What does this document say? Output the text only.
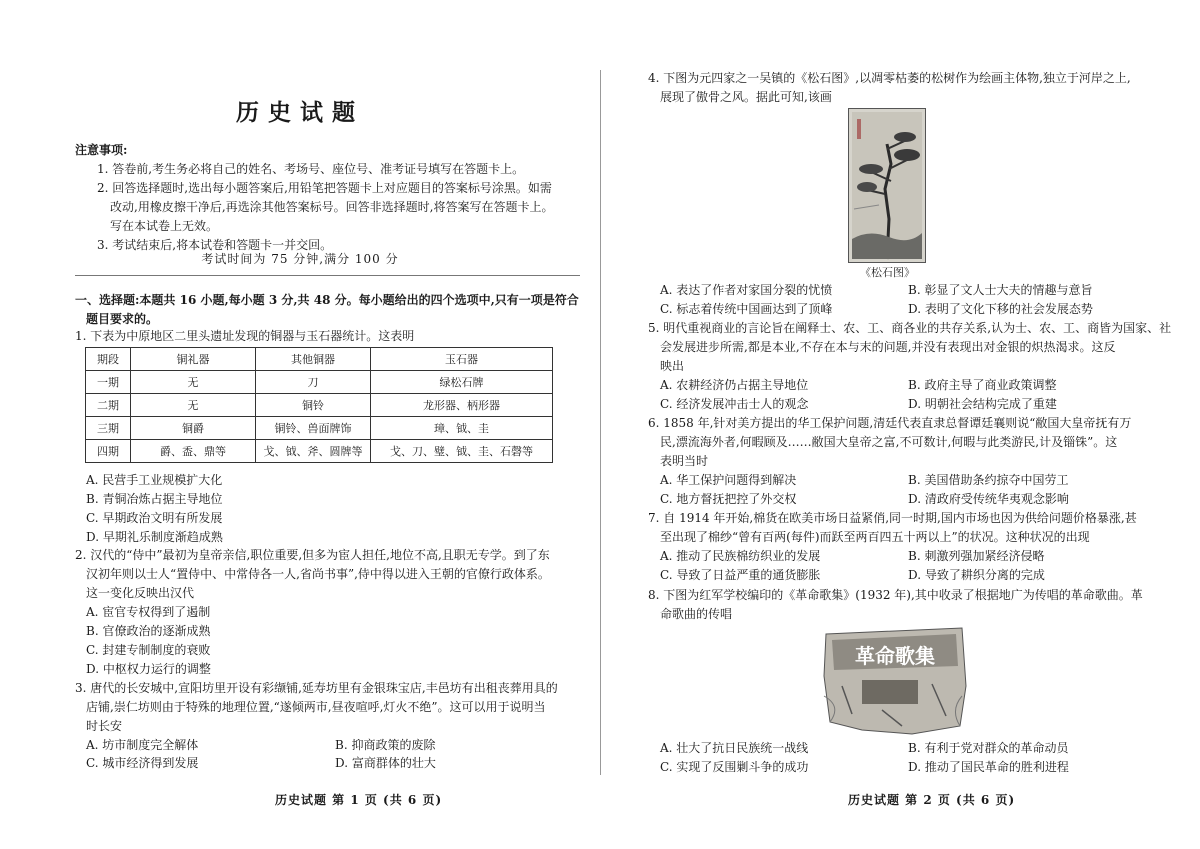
历史试题
注意事项:
1. 答卷前,考生务必将自己的姓名、考场号、座位号、准考证号填写在答题卡上。
2. 回答选择题时,选出每小题答案后,用铅笔把答题卡上对应题目的答案标号涂黑。如需
改动,用橡皮擦干净后,再选涂其他答案标号。回答非选择题时,将答案写在答题卡上。
写在本试卷上无效。
3. 考试结束后,将本试卷和答题卡一并交回。
考试时间为 75 分钟,满分 100 分
一、选择题:本题共 16 小题,每小题 3 分,共 48 分。每小题给出的四个选项中,只有一项是符合
题目要求的。
1. 下表为中原地区二里头遗址发现的铜器与玉石器统计。这表明
期段	铜礼器	其他铜器	玉石器
一期	无	刀	绿松石牌
二期	无	铜铃	龙形器、柄形器
三期	铜爵	铜铃、兽面牌饰	璋、钺、圭
四期	爵、盉、鼎等	戈、钺、斧、圆牌等	戈、刀、璧、钺、圭、石磬等
A. 民营手工业规模扩大化
B. 青铜冶炼占据主导地位
C. 早期政治文明有所发展
D. 早期礼乐制度渐趋成熟
2. 汉代的“侍中”最初为皇帝亲信,职位重要,但多为宦人担任,地位不高,且职无专学。到了东
汉初年则以士人“置侍中、中常侍各一人,省尚书事”,侍中得以进入王朝的官僚行政体系。
这一变化反映出汉代
A. 宦官专权得到了遏制
B. 官僚政治的逐渐成熟
C. 封建专制制度的衰败
D. 中枢权力运行的调整
3. 唐代的长安城中,宣阳坊里开设有彩缬铺,延寿坊里有金银珠宝店,丰邑坊有出租丧葬用具的
店铺,崇仁坊则由于特殊的地理位置,“遂倾两市,昼夜喧呼,灯火不绝”。这可以用于说明当
时长安
A. 坊市制度完全解体	B. 抑商政策的废除
C. 城市经济得到发展	D. 富商群体的壮大
历史试题 第 1 页 (共 6 页)
4. 下图为元四家之一吴镇的《松石图》,以凋零枯萎的松树作为绘画主体物,独立于河岸之上,
展现了傲骨之风。据此可知,该画
《松石图》
A. 表达了作者对家国分裂的忧愤	B. 彰显了文人士大夫的情趣与意旨
C. 标志着传统中国画达到了顶峰	D. 表明了文化下移的社会发展态势
5. 明代重视商业的言论旨在阐释士、农、工、商各业的共存关系,认为士、农、工、商皆为国家、社
会发展进步所需,都是本业,不存在本与末的问题,并没有表现出对金银的炽热渴求。这反
映出
A. 农耕经济仍占据主导地位	B. 政府主导了商业政策调整
C. 经济发展冲击士人的观念	D. 明朝社会结构完成了重建
6. 1858 年,针对美方提出的华工保护问题,清廷代表直隶总督谭廷襄则说“敝国大皇帝抚有万
民,漂流海外者,何暇顾及……敝国大皇帝之富,不可数计,何暇与此类游民,计及锱铢”。这
表明当时
A. 华工保护问题得到解决	B. 美国借助条约掠夺中国劳工
C. 地方督抚把控了外交权	D. 清政府受传统华夷观念影响
7. 自 1914 年开始,棉货在欧美市场日益紧俏,同一时期,国内市场也因为供给问题价格暴涨,甚
至出现了棉纱“曾有百两(每件)而跃至两百四五十两以上”的状况。这种状况的出现
A. 推动了民族棉纺织业的发展	B. 刺激列强加紧经济侵略
C. 导致了日益严重的通货膨胀	D. 导致了耕织分离的完成
8. 下图为红军学校编印的《革命歌集》(1932 年),其中收录了根据地广为传唱的革命歌曲。革
命歌曲的传唱
革命歌集
A. 壮大了抗日民族统一战线	B. 有利于党对群众的革命动员
C. 实现了反围剿斗争的成功	D. 推动了国民革命的胜利进程
历史试题 第 2 页 (共 6 页)
